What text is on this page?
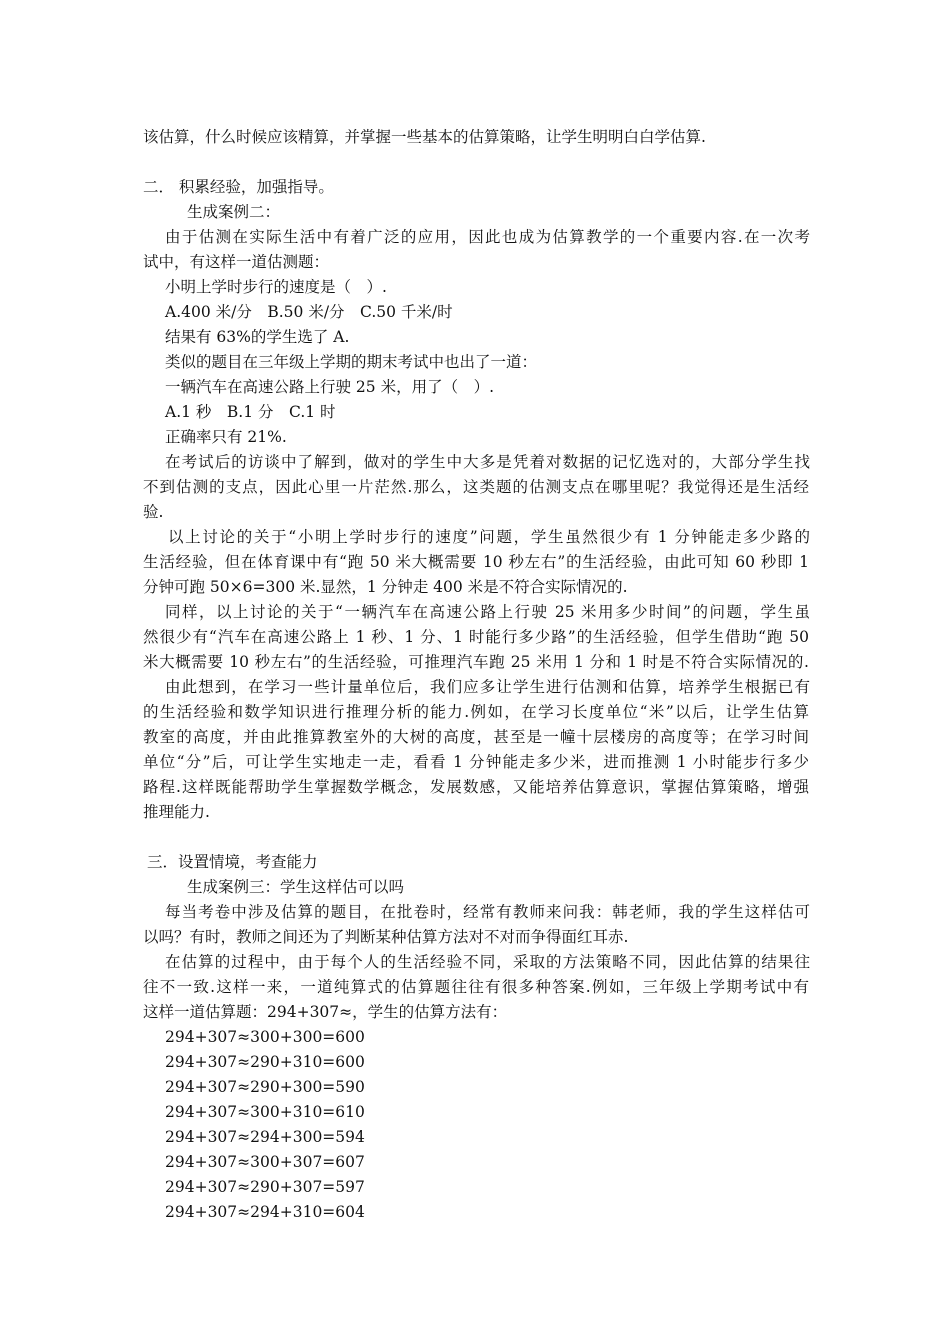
该估算，什么时候应该精算，并掌握一些基本的估算策略，让学生明明白白学估算.
二． 积累经验，加强指导。
生成案例二：
由于估测在实际生活中有着广泛的应用，因此也成为估算教学的一个重要内容.在一次考
试中，有这样一道估测题：
小明上学时步行的速度是（　）.
A.400 米/分　B.50 米/分　C.50 千米/时
结果有 63%的学生选了 A.
类似的题目在三年级上学期的期末考试中也出了一道：
一辆汽车在高速公路上行驶 25 米，用了（　）.
A.1 秒　B.1 分　C.1 时
正确率只有 21%.
在考试后的访谈中了解到，做对的学生中大多是凭着对数据的记忆选对的，大部分学生找
不到估测的支点，因此心里一片茫然.那么，这类题的估测支点在哪里呢？我觉得还是生活经
验.
以上讨论的关于“小明上学时步行的速度”问题，学生虽然很少有 1 分钟能走多少路的
生活经验，但在体育课中有“跑 50 米大概需要 10 秒左右”的生活经验，由此可知 60 秒即 1
分钟可跑 50×6=300 米.显然，1 分钟走 400 米是不符合实际情况的.
同样，以上讨论的关于“一辆汽车在高速公路上行驶 25 米用多少时间”的问题，学生虽
然很少有“汽车在高速公路上 1 秒、1 分、1 时能行多少路”的生活经验，但学生借助“跑 50
米大概需要 10 秒左右”的生活经验，可推理汽车跑 25 米用 1 分和 1 时是不符合实际情况的.
由此想到，在学习一些计量单位后，我们应多让学生进行估测和估算，培养学生根据已有
的生活经验和数学知识进行推理分析的能力.例如，在学习长度单位“米”以后，让学生估算
教室的高度，并由此推算教室外的大树的高度，甚至是一幢十层楼房的高度等；在学习时间
单位“分”后，可让学生实地走一走，看看 1 分钟能走多少米，进而推测 1 小时能步行多少
路程.这样既能帮助学生掌握数学概念，发展数感，又能培养估算意识，掌握估算策略，增强
推理能力.
三．设置情境，考查能力
生成案例三：学生这样估可以吗
每当考卷中涉及估算的题目，在批卷时，经常有教师来问我：韩老师，我的学生这样估可
以吗？有时，教师之间还为了判断某种估算方法对不对而争得面红耳赤.
在估算的过程中，由于每个人的生活经验不同，采取的方法策略不同，因此估算的结果往
往不一致.这样一来，一道纯算式的估算题往往有很多种答案.例如，三年级上学期考试中有
这样一道估算题：294+307≈，学生的估算方法有：
294+307≈300+300=600
294+307≈290+310=600
294+307≈290+300=590
294+307≈300+310=610
294+307≈294+300=594
294+307≈300+307=607
294+307≈290+307=597
294+307≈294+310=604
